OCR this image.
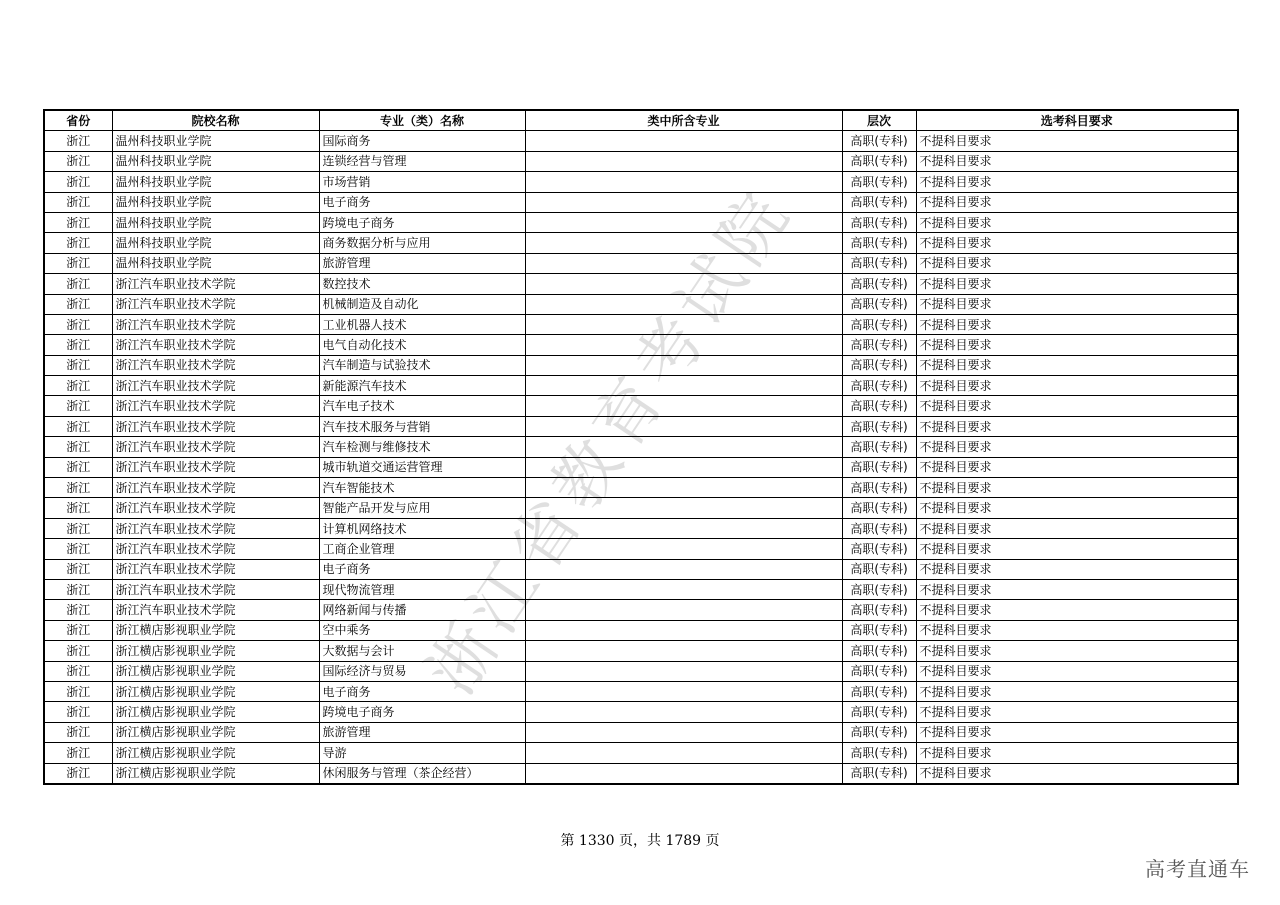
浙江省教育考试院
省份	院校名称	专业（类）名称	类中所含专业	层次	选考科目要求
浙江	温州科技职业学院	国际商务		高职(专科)	不提科目要求
浙江	温州科技职业学院	连锁经营与管理		高职(专科)	不提科目要求
浙江	温州科技职业学院	市场营销		高职(专科)	不提科目要求
浙江	温州科技职业学院	电子商务		高职(专科)	不提科目要求
浙江	温州科技职业学院	跨境电子商务		高职(专科)	不提科目要求
浙江	温州科技职业学院	商务数据分析与应用		高职(专科)	不提科目要求
浙江	温州科技职业学院	旅游管理		高职(专科)	不提科目要求
浙江	浙江汽车职业技术学院	数控技术		高职(专科)	不提科目要求
浙江	浙江汽车职业技术学院	机械制造及自动化		高职(专科)	不提科目要求
浙江	浙江汽车职业技术学院	工业机器人技术		高职(专科)	不提科目要求
浙江	浙江汽车职业技术学院	电气自动化技术		高职(专科)	不提科目要求
浙江	浙江汽车职业技术学院	汽车制造与试验技术		高职(专科)	不提科目要求
浙江	浙江汽车职业技术学院	新能源汽车技术		高职(专科)	不提科目要求
浙江	浙江汽车职业技术学院	汽车电子技术		高职(专科)	不提科目要求
浙江	浙江汽车职业技术学院	汽车技术服务与营销		高职(专科)	不提科目要求
浙江	浙江汽车职业技术学院	汽车检测与维修技术		高职(专科)	不提科目要求
浙江	浙江汽车职业技术学院	城市轨道交通运营管理		高职(专科)	不提科目要求
浙江	浙江汽车职业技术学院	汽车智能技术		高职(专科)	不提科目要求
浙江	浙江汽车职业技术学院	智能产品开发与应用		高职(专科)	不提科目要求
浙江	浙江汽车职业技术学院	计算机网络技术		高职(专科)	不提科目要求
浙江	浙江汽车职业技术学院	工商企业管理		高职(专科)	不提科目要求
浙江	浙江汽车职业技术学院	电子商务		高职(专科)	不提科目要求
浙江	浙江汽车职业技术学院	现代物流管理		高职(专科)	不提科目要求
浙江	浙江汽车职业技术学院	网络新闻与传播		高职(专科)	不提科目要求
浙江	浙江横店影视职业学院	空中乘务		高职(专科)	不提科目要求
浙江	浙江横店影视职业学院	大数据与会计		高职(专科)	不提科目要求
浙江	浙江横店影视职业学院	国际经济与贸易		高职(专科)	不提科目要求
浙江	浙江横店影视职业学院	电子商务		高职(专科)	不提科目要求
浙江	浙江横店影视职业学院	跨境电子商务		高职(专科)	不提科目要求
浙江	浙江横店影视职业学院	旅游管理		高职(专科)	不提科目要求
浙江	浙江横店影视职业学院	导游		高职(专科)	不提科目要求
浙江	浙江横店影视职业学院	休闲服务与管理（茶企经营）		高职(专科)	不提科目要求
第 1330 页，共 1789 页
高考直通车
